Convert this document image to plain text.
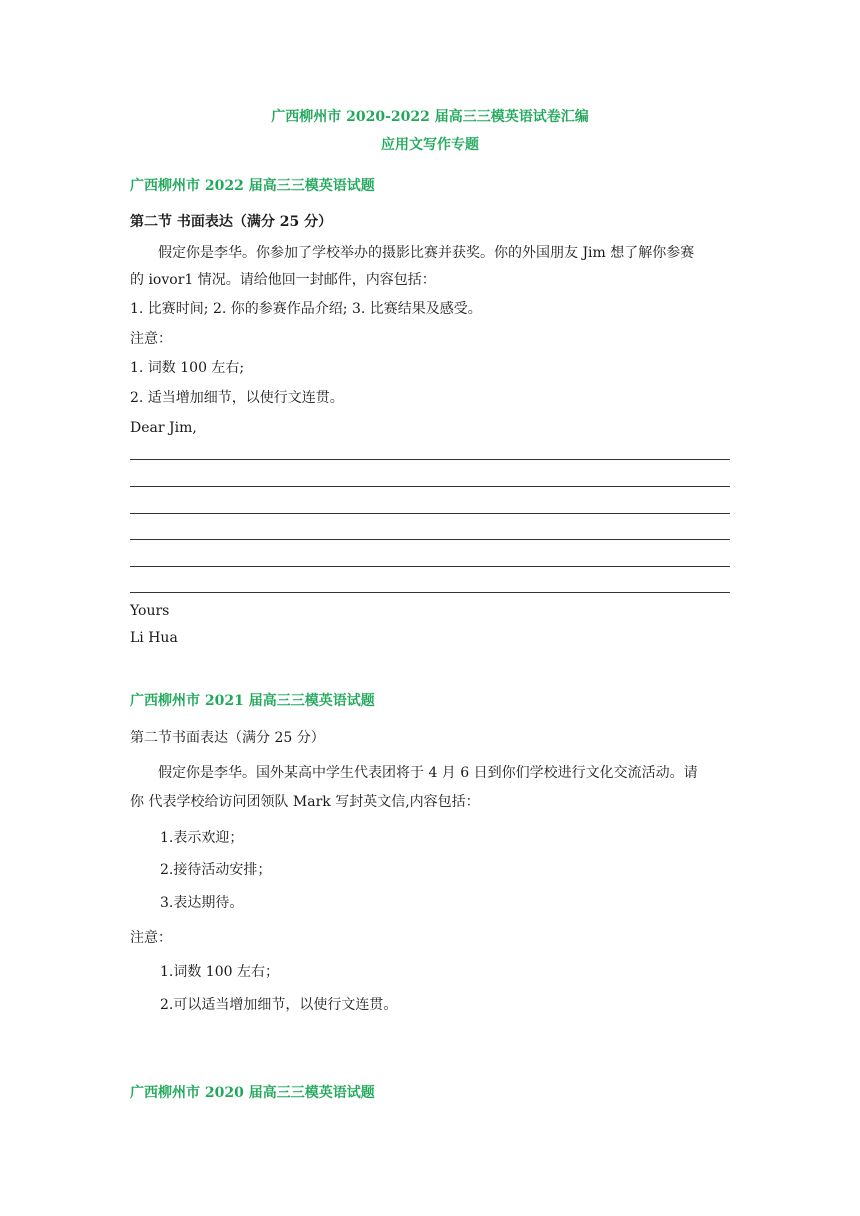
广西柳州市 2020-2022 届高三三模英语试卷汇编
应用文写作专题
广西柳州市 2022 届高三三模英语试题
第二节 书面表达（满分 25 分）
假定你是李华。你参加了学校举办的摄影比赛并获奖。你的外国朋友 Jim 想了解你参赛
的 iovor1 情况。请给他回一封邮件，内容包括：
1. 比赛时间; 2. 你的参赛作品介绍; 3. 比赛结果及感受。
注意：
1. 词数 100 左右;
2. 适当增加细节，以使行文连贯。
Dear Jim,
Yours
Li Hua
广西柳州市 2021 届高三三模英语试题
第二节书面表达（满分 25 分）
假定你是李华。国外某高中学生代表团将于 4 月 6 日到你们学校进行文化交流活动。请
你 代表学校给访问团领队 Mark 写封英文信,内容包括：
1.表示欢迎；
2.接待活动安排；
3.表达期待。
注意：
1.词数 100 左右；
2.可以适当增加细节，以使行文连贯。
广西柳州市 2020 届高三三模英语试题
